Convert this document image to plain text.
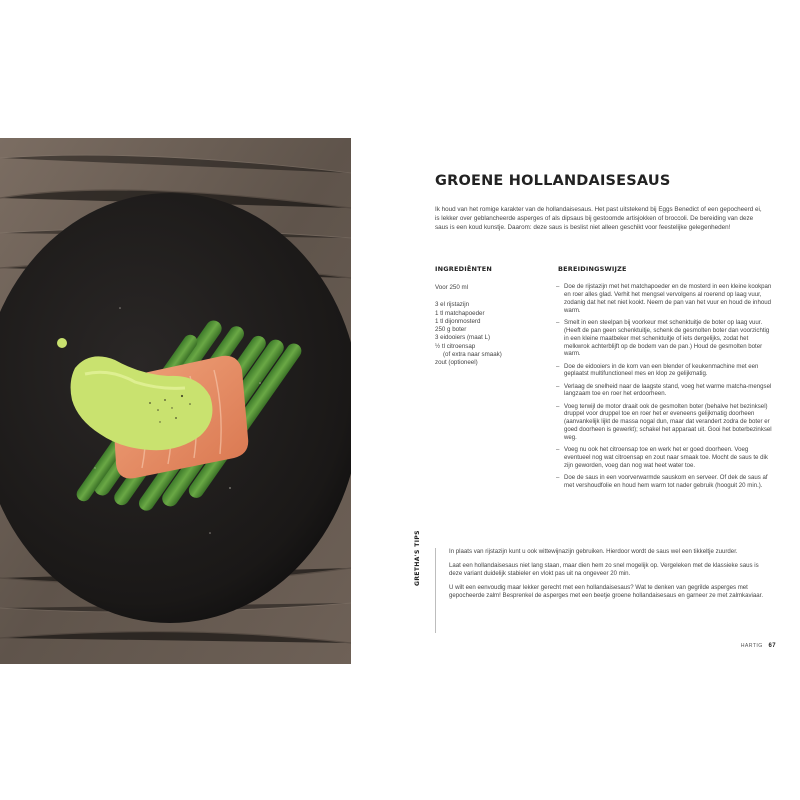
GROENE HOLLANDAISESAUS

Ik houd van het romige karakter van de hollandaisesaus. Het past uitstekend bij Eggs Benedict of een gepocheerd ei, is lekker over geblancheerde asperges of als dipsaus bij gestoomde artisjokken of broccoli. De bereiding van deze saus is een koud kunstje. Daarom: deze saus is beslist niet alleen geschikt voor feestelijke gelegenheden!

INGREDIËNTEN	BEREIDINGSWIJZE
Voor 250 ml
3 el rijstazijn
1 tl matchapoeder
1 tl dijonmosterd
250 g boter
3 eidooiers (maat L)
½ tl citroensap
(of extra naar smaak)
zout (optioneel)
– Doe de rijstazijn met het matchapoeder en de mosterd in een kleine kookpan en roer alles glad. Verhit het mengsel vervolgens al roerend op laag vuur, zodanig dat het net niet kookt. Neem de pan van het vuur en houd de inhoud warm.
– Smelt in een steelpan bij voorkeur met schenktuitje de boter op laag vuur. (Heeft de pan geen schenktuitje, schenk de gesmolten boter dan voorzichtig in een kleine maatbeker met schenktuitje of iets dergelijks, zodat het melkwrok achterblijft op de bodem van de pan.) Houd de gesmolten boter warm.
– Doe de eidooiers in de kom van een blender of keukenmachine met een geplaatst multifunctioneel mes en klop ze gelijkmatig.
– Verlaag de snelheid naar de laagste stand, voeg het warme matcha-mengsel langzaam toe en roer het erdoorheen.
– Voeg terwijl de motor draait ook de gesmolten boter (behalve het bezinksel) druppel voor druppel toe en roer het er eveneens gelijkmatig doorheen (aanvankelijk lijkt de massa nogal dun, maar dat verandert zodra de boter er goed doorheen is gewerkt); schakel het apparaat uit. Gooi het boterbezinksel weg.
– Voeg nu ook het citroensap toe en werk het er goed doorheen. Voeg eventueel nog wat citroensap en zout naar smaak toe. Mocht de saus te dik zijn geworden, voeg dan nog wat heet water toe.
– Doe de saus in een voorverwarmde sauskom en serveer. Of dek de saus af met vershoudfolie en houd hem warm tot nader gebruik (hooguit 20 min.).
GRETHA'S TIPS	In plaats van rijstazijn kunt u ook wittewijnazijn gebruiken. Hierdoor wordt de saus wel een tikkeltje zuurder.

Laat een hollandaisesaus niet lang staan, maar dien hem zo snel mogelijk op. Vergeleken met de klassieke saus is deze variant duidelijk stabieler en vlokt pas uit na ongeveer 20 min.

U wilt een eenvoudig maar lekker gerecht met een hollandaisesaus? Wat te denken van gegrilde asperges met gepocheerde zalm! Besprenkel de asperges met een beetje groene hollandaisesaus en garneer ze met zalmkaviaar.

HARTIG 67
